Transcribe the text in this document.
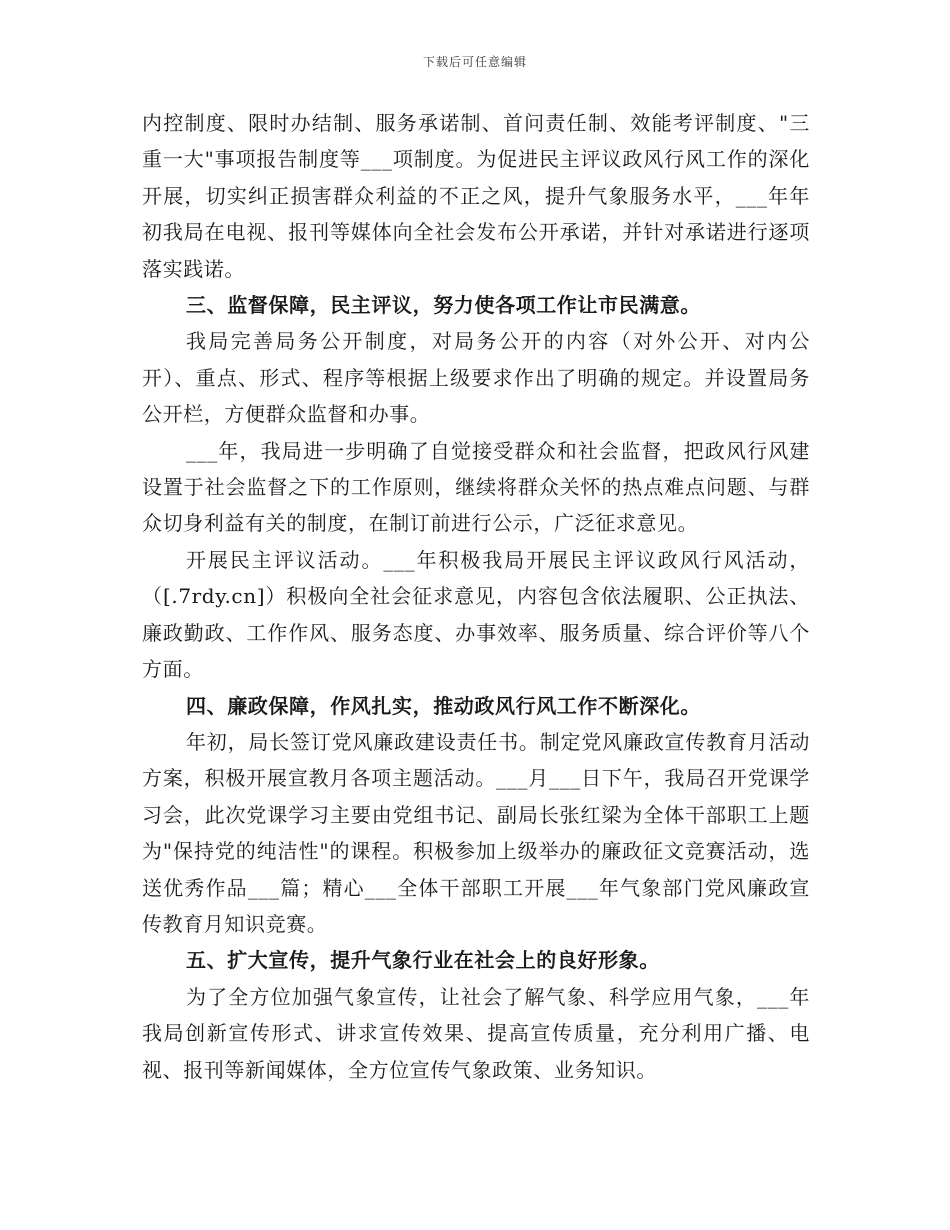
下载后可任意编辑

内控制度、限时办结制、服务承诺制、首问责任制、效能考评制度、"三重一大"事项报告制度等___项制度。为促进民主评议政风行风工作的深化开展，切实纠正损害群众利益的不正之风，提升气象服务水平，___年年初我局在电视、报刊等媒体向全社会发布公开承诺，并针对承诺进行逐项落实践诺。

三、监督保障，民主评议，努力使各项工作让市民满意。

我局完善局务公开制度，对局务公开的内容（对外公开、对内公开）、重点、形式、程序等根据上级要求作出了明确的规定。并设置局务公开栏，方便群众监督和办事。

___年，我局进一步明确了自觉接受群众和社会监督，把政风行风建设置于社会监督之下的工作原则，继续将群众关怀的热点难点问题、与群众切身利益有关的制度，在制订前进行公示，广泛征求意见。

开展民主评议活动。___年积极我局开展民主评议政风行风活动，（[.7rdy.cn]）积极向全社会征求意见，内容包含依法履职、公正执法、廉政勤政、工作作风、服务态度、办事效率、服务质量、综合评价等八个方面。

四、廉政保障，作风扎实，推动政风行风工作不断深化。

年初，局长签订党风廉政建设责任书。制定党风廉政宣传教育月活动方案，积极开展宣教月各项主题活动。___月___日下午，我局召开党课学习会，此次党课学习主要由党组书记、副局长张红梁为全体干部职工上题为"保持党的纯洁性"的课程。积极参加上级举办的廉政征文竞赛活动，选送优秀作品___篇；精心___全体干部职工开展___年气象部门党风廉政宣传教育月知识竞赛。

五、扩大宣传，提升气象行业在社会上的良好形象。

为了全方位加强气象宣传，让社会了解气象、科学应用气象，___年我局创新宣传形式、讲求宣传效果、提高宣传质量，充分利用广播、电视、报刊等新闻媒体，全方位宣传气象政策、业务知识。
